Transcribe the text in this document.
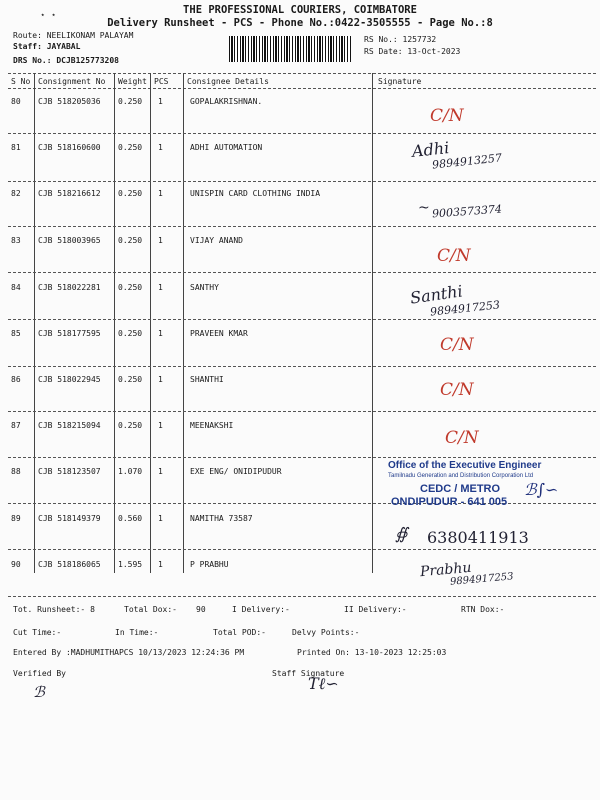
THE PROFESSIONAL COURIERS, COIMBATORE
Delivery Runsheet - PCS - Phone No.:0422-3505555 - Page No.:8
Route: NEELIKONAM PALAYAM
Staff: JAYABAL
DRS No.: DCJB125773208
RS No.: 1257732
RS Date: 13-Oct-2023
⋆ ⋆
S No Consignment No Weight PCS Consignee Details	Signature
80 CJB 518205036 0.250 1	GOPALAKRISHNAN.
C/N
81 CJB 518160600 0.250 1	ADHI AUTOMATION	Adhi
9894913257
82 CJB 518216612 0.250 1	UNISPIN CARD CLOTHING INDIA
~ 9003573374
83 CJB 518003965 0.250 1	VIJAY ANAND
C/N
84 CJB 518022281 0.250 1	SANTHY	Santhi
9894917253
85 CJB 518177595 0.250 1	PRAVEEN KMAR
C/N
86 CJB 518022945 0.250 1	SHANTHI
C/N
87 CJB 518215094 0.250 1	MEENAKSHI
C/N
88 CJB 518123507 1.070 1	EXE ENG/ ONIDIPUDUR
Office of the Executive Engineer
Tamilnadu Generation and Distribution Corporation Ltd
CEDC / METRO
ONDIPUDUR - 641 005
ℬ∫∽
89 CJB 518149379 0.560 1	NAMITHA 73587
∯ 6380411913
90 CJB 518186065 1.595 1	P PRABHU	Prabhu
9894917253
Tot. Runsheet:- 8	Total Dox:- 90	I Delivery:-	II Delivery:-	RTN Dox:-
Cut Time:-	In Time:-	Total POD:-	Delvy Points:-
Entered By :MADHUMITHAPCS 10/13/2023 12:24:36 PM	Printed On: 13-10-2023 12:25:03
Verified By	Staff Signature
ℬ	Tℓ∽
